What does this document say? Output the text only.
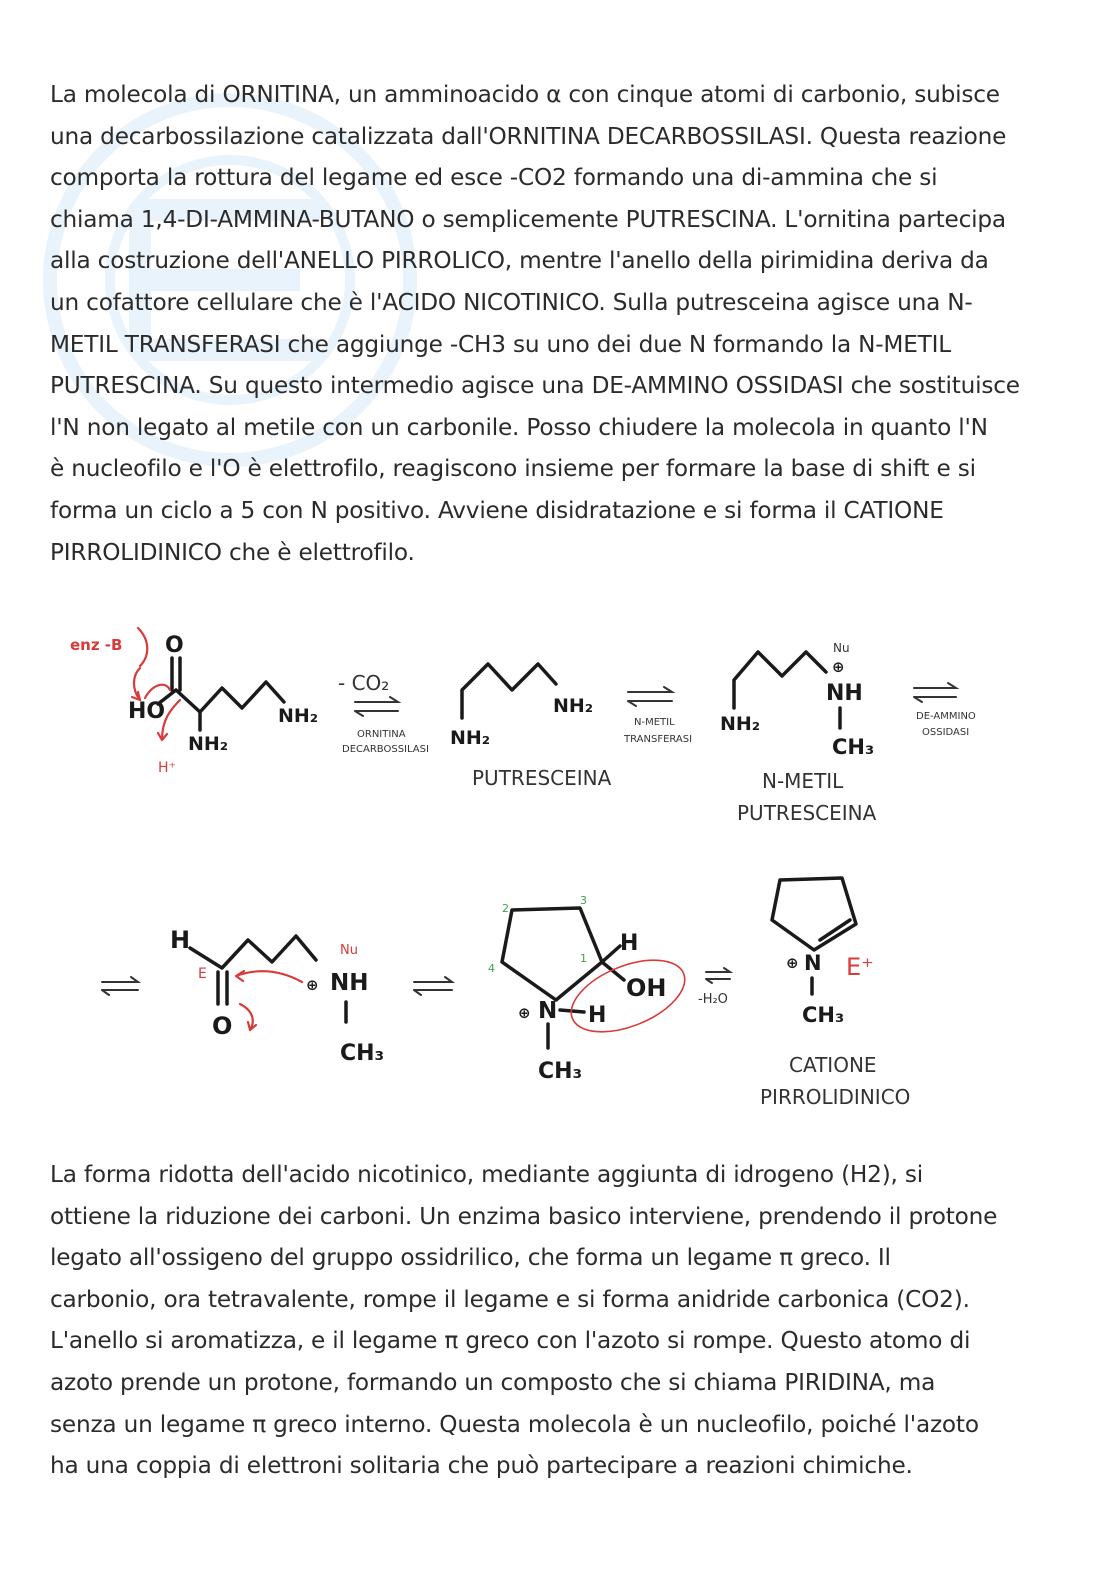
La molecola di ORNITINA, un amminoacido α con cinque atomi di carbonio, subisce
una decarbossilazione catalizzata dall'ORNITINA DECARBOSSILASI. Questa reazione
comporta la rottura del legame ed esce -CO2 formando una di-ammina che si
chiama 1,4-DI-AMMINA-BUTANO o semplicemente PUTRESCINA. L'ornitina partecipa
alla costruzione dell'ANELLO PIRROLICO, mentre l'anello della pirimidina deriva da
un cofattore cellulare che è l'ACIDO NICOTINICO. Sulla putresceina agisce una N-
METIL TRANSFERASI che aggiunge -CH3 su uno dei due N formando la N-METIL
PUTRESCINA. Su questo intermedio agisce una DE-AMMINO OSSIDASI che sostituisce
l'N non legato al metile con un carbonile. Posso chiudere la molecola in quanto l'N
è nucleofilo e l'O è elettrofilo, reagiscono insieme per formare la base di shift e si
forma un ciclo a 5 con N positivo. Avviene disidratazione e si forma il CATIONE
PIRROLIDINICO che è elettrofilo.
enz -B O
HO
NH₂
NH₂
H⁺
- CO₂
ORNITINA
DECARBOSSILASI
NH₂
NH₂
PUTRESCEINA
N-METIL
TRANSFERASI
NH₂
Nu
⊕
NH
CH₃
N-METIL
PUTRESCEINA
DE-AMMINO
OSSIDASI
H
E
O
Nu
⊕ NH
CH₃
2
3
4
1
H
OH
⊕ N H
CH₃
-H₂O
⊕ N
CH₃
E⁺
CATIONE
PIRROLIDINICO
La forma ridotta dell'acido nicotinico, mediante aggiunta di idrogeno (H2), si
ottiene la riduzione dei carboni. Un enzima basico interviene, prendendo il protone
legato all'ossigeno del gruppo ossidrilico, che forma un legame π greco. Il
carbonio, ora tetravalente, rompe il legame e si forma anidride carbonica (CO2).
L'anello si aromatizza, e il legame π greco con l'azoto si rompe. Questo atomo di
azoto prende un protone, formando un composto che si chiama PIRIDINA, ma
senza un legame π greco interno. Questa molecola è un nucleofilo, poiché l'azoto
ha una coppia di elettroni solitaria che può partecipare a reazioni chimiche.
